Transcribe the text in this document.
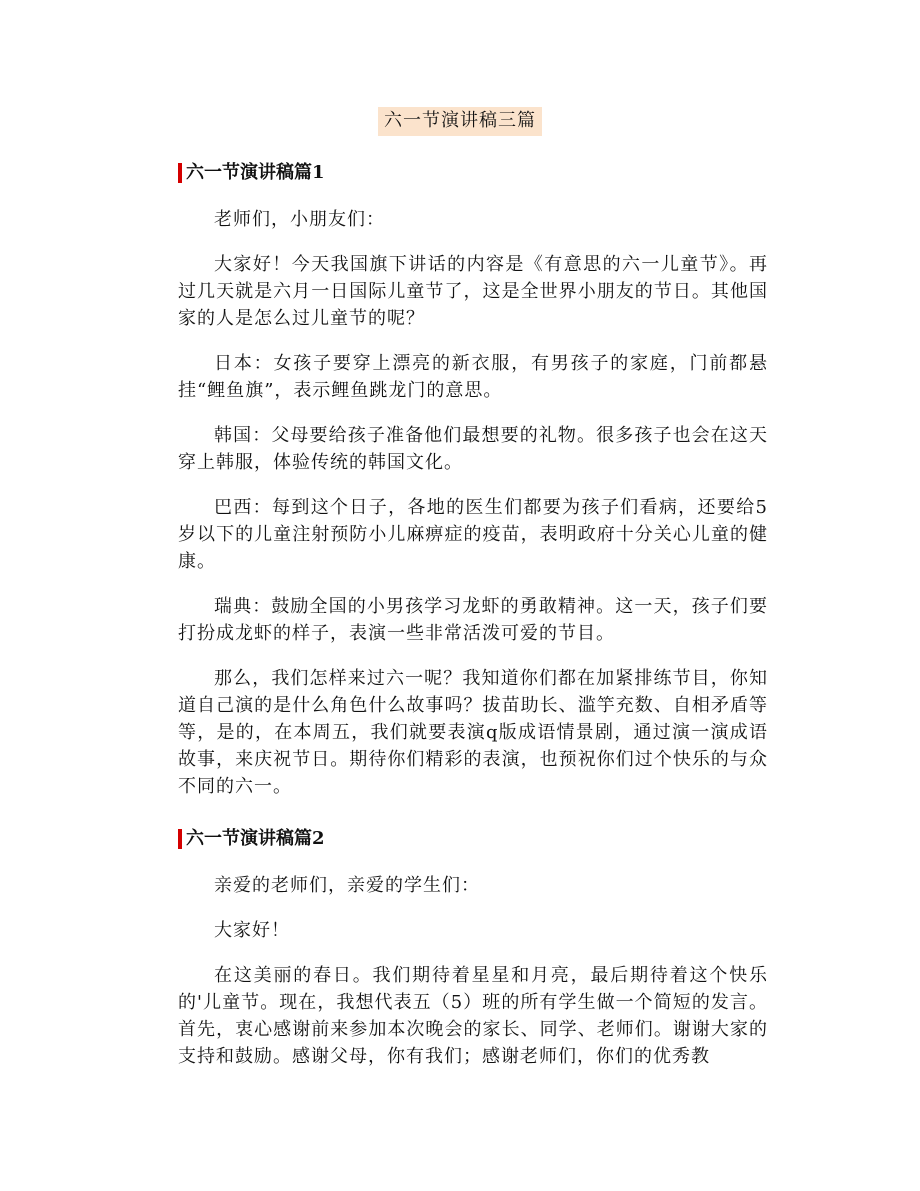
六一节演讲稿三篇
六一节演讲稿篇1

老师们，小朋友们：

大家好！今天我国旗下讲话的内容是《有意思的六一儿童节》。再过几天就是六月一日国际儿童节了，这是全世界小朋友的节日。其他国家的人是怎么过儿童节的呢？

日本：女孩子要穿上漂亮的新衣服，有男孩子的家庭，门前都悬挂“鲤鱼旗”，表示鲤鱼跳龙门的意思。

韩国：父母要给孩子准备他们最想要的礼物。很多孩子也会在这天穿上韩服，体验传统的韩国文化。

巴西：每到这个日子，各地的医生们都要为孩子们看病，还要给5岁以下的儿童注射预防小儿麻痹症的疫苗，表明政府十分关心儿童的健康。

瑞典：鼓励全国的小男孩学习龙虾的勇敢精神。这一天，孩子们要打扮成龙虾的样子，表演一些非常活泼可爱的节目。

那么，我们怎样来过六一呢？我知道你们都在加紧排练节目，你知道自己演的是什么角色什么故事吗？拔苗助长、滥竽充数、自相矛盾等等，是的，在本周五，我们就要表演q版成语情景剧，通过演一演成语故事，来庆祝节日。期待你们精彩的表演，也预祝你们过个快乐的与众不同的六一。

六一节演讲稿篇2

亲爱的老师们，亲爱的学生们：

大家好！

在这美丽的春日。我们期待着星星和月亮，最后期待着这个快乐的'儿童节。现在，我想代表五（5）班的所有学生做一个简短的发言。首先，衷心感谢前来参加本次晚会的家长、同学、老师们。谢谢大家的支持和鼓励。感谢父母，你有我们；感谢老师们，你们的优秀教
